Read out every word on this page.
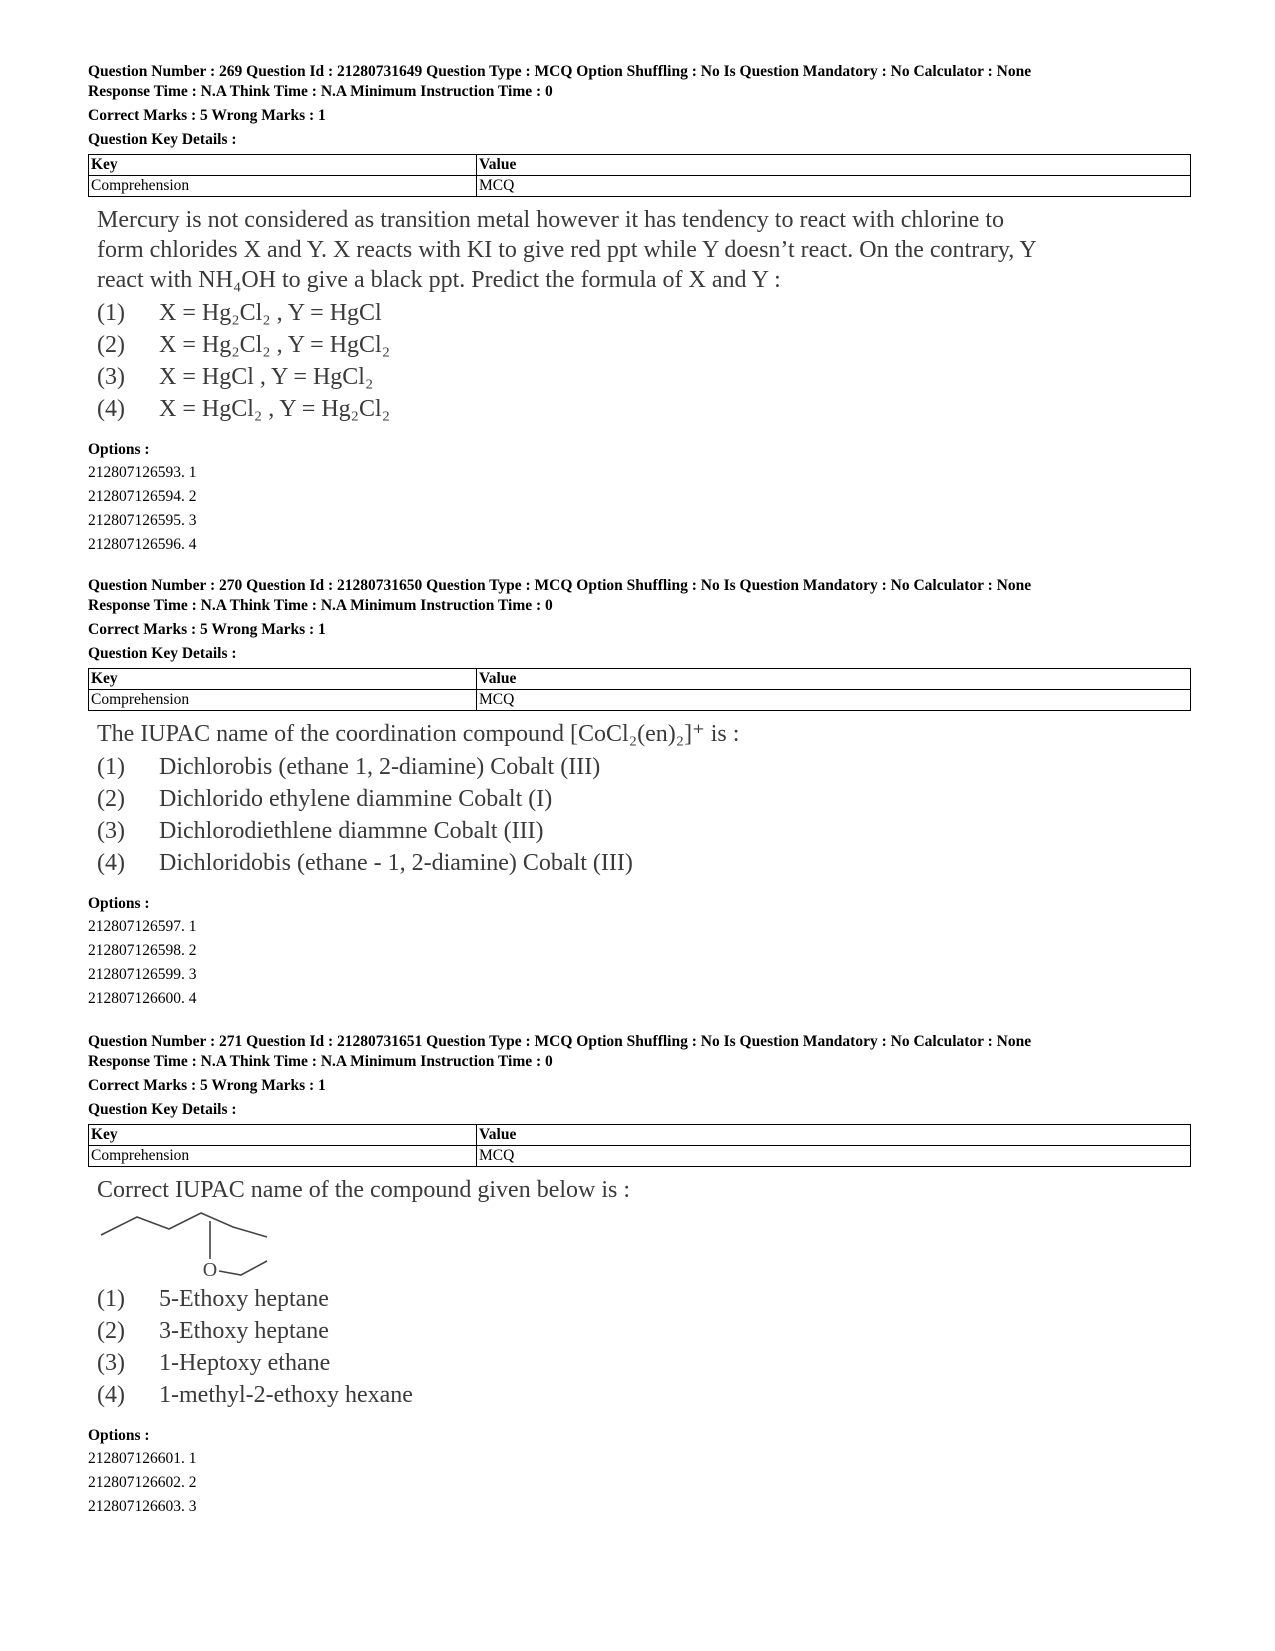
Question Number : 269 Question Id : 21280731649 Question Type : MCQ Option Shuffling : No Is Question Mandatory : No Calculator : None
Response Time : N.A Think Time : N.A Minimum Instruction Time : 0
Correct Marks : 5 Wrong Marks : 1
Question Key Details :
Key	Value
Comprehension	MCQ

Mercury is not considered as transition metal however it has tendency to react with chlorine to

form chlorides X and Y. X reacts with KI to give red ppt while Y doesn’t react. On the contrary, Y

react with NH₄OH to give a black ppt. Predict the formula of X and Y :

(1)	X = Hg₂Cl₂ , Y = HgCl
(2)	X = Hg₂Cl₂ , Y = HgCl₂
(3)	X = HgCl , Y = HgCl₂
(4)	X = HgCl₂ , Y = Hg₂Cl₂
Options :
212807126593. 1
212807126594. 2
212807126595. 3
212807126596. 4
Question Number : 270 Question Id : 21280731650 Question Type : MCQ Option Shuffling : No Is Question Mandatory : No Calculator : None
Response Time : N.A Think Time : N.A Minimum Instruction Time : 0
Correct Marks : 5 Wrong Marks : 1
Question Key Details :
Key	Value
Comprehension	MCQ

The IUPAC name of the coordination compound [CoCl₂(en)₂]⁺ is :

(1)	Dichlorobis (ethane 1, 2-diamine) Cobalt (III)
(2)	Dichlorido ethylene diammine Cobalt (I)
(3)	Dichlorodiethlene diammne Cobalt (III)
(4)	Dichloridobis (ethane - 1, 2-diamine) Cobalt (III)
Options :
212807126597. 1
212807126598. 2
212807126599. 3
212807126600. 4
Question Number : 271 Question Id : 21280731651 Question Type : MCQ Option Shuffling : No Is Question Mandatory : No Calculator : None
Response Time : N.A Think Time : N.A Minimum Instruction Time : 0
Correct Marks : 5 Wrong Marks : 1
Question Key Details :
Key	Value
Comprehension	MCQ

Correct IUPAC name of the compound given below is :

O
(1)	5-Ethoxy heptane
(2)	3-Ethoxy heptane
(3)	1-Heptoxy ethane
(4)	1-methyl-2-ethoxy hexane
Options :
212807126601. 1
212807126602. 2
212807126603. 3
